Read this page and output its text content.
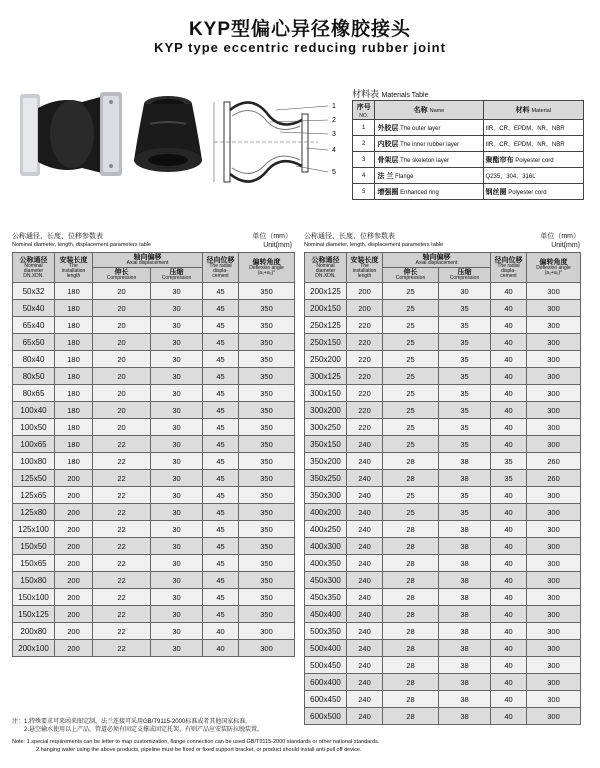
KYP型偏心异径橡胶接头
KYP type eccentric reducing rubber joint
1
2
3
4
5
材料表 Materials Table
序号
NO.	名称 Name	材料 Material
1	外胶层 The outer layer	IIR、CR、EPDM、NR、NBR
2	内胶层 The inner rubber layer	IIR、CR、EPDM、NR、NBR
3	骨架层 The skeleton layer	聚酯帘布 Polyester cord
4	法 兰 Flange	Q235、304、316L
5	增强圈 Enhanced ring	钢丝圈 Polyester cord
公称通径、长度、位移参数表
Nominal diameter, length, displacement parameters table
单位（mm）
Unit(mm)
公称通径、长度、位移参数表
Nominal diameter, length, displacement parameters table
单位（mm）
Unit(mm)
公称通径
Nominal
diameter
DN.XDN.	安装长度
The
installation
length	轴向偏移
Axial displacement		径向位移
The radial
displa-
cement	偏转角度
Deflexion angle
(a₁+a₂)°

		伸长
Compression	压缩
Compression		

50x32	180	20	30	45	350
50x40	180	20	30	45	350
65x40	180	20	30	45	350
65x50	180	20	30	45	350
80x40	180	20	30	45	350
80x50	180	20	30	45	350
80x65	180	20	30	45	350
100x40	180	20	30	45	350
100x50	180	20	30	45	350
100x65	180	22	30	45	350
100x80	180	22	30	45	350
125x50	200	22	30	45	350
125x65	200	22	30	45	350
125x80	200	22	30	45	350
125x100	200	22	30	45	350
150x50	200	22	30	45	350
150x65	200	22	30	45	350
150x80	200	22	30	45	350
150x100	200	22	30	45	350
150x125	200	22	30	45	350
200x80	200	22	30	40	300
200x100	200	22	30	40	300
公称通径
Nominal
diameter
DN.XDN.	安装长度
The
installation
length	轴向偏移
Axial displacement		径向位移
The radial
displa-
cement	偏转角度
Deflexion angle
(a₁+a₂)°

		伸长
Compression	压缩
Compression		

200x125	200	25	30	40	300
200x150	200	25	35	40	300
250x125	220	25	35	40	300
250x150	220	25	35	40	300
250x200	220	25	35	40	300
300x125	220	25	35	40	300
300x150	220	25	35	40	300
300x200	220	25	35	40	300
300x250	220	25	35	40	300
350x150	240	25	35	40	300
350x200	240	28	38	35	260
350x250	240	28	38	35	260
350x300	240	25	35	40	300
400x200	240	25	35	40	300
400x250	240	28	38	40	300
400x300	240	28	38	40	300
400x350	240	28	38	40	300
450x300	240	28	38	40	300
450x350	240	28	38	40	300
450x400	240	28	38	40	300
500x350	240	28	38	40	300
500x400	240	28	38	40	300
500x450	240	28	38	40	300
600x400	240	28	38	40	300
600x450	240	28	38	40	300
600x500	240	28	38	40	300
注：1.特殊要求可来函来图定制，法兰连接可采用GB/T9115-2000标准或者其他国家标准。
2.悬空输水使用以上产品，管道必须有固定支撑或固定托架，有则产品应安装防拉脱装置。
Note: 1.special requirements can be letter to map customization, flange connection can be used GB/T9115-2000 standards or other national standards.
2.hanging water using the above products, pipeline must be fixed or fixed support bracket, or product should install anti pull off device.
